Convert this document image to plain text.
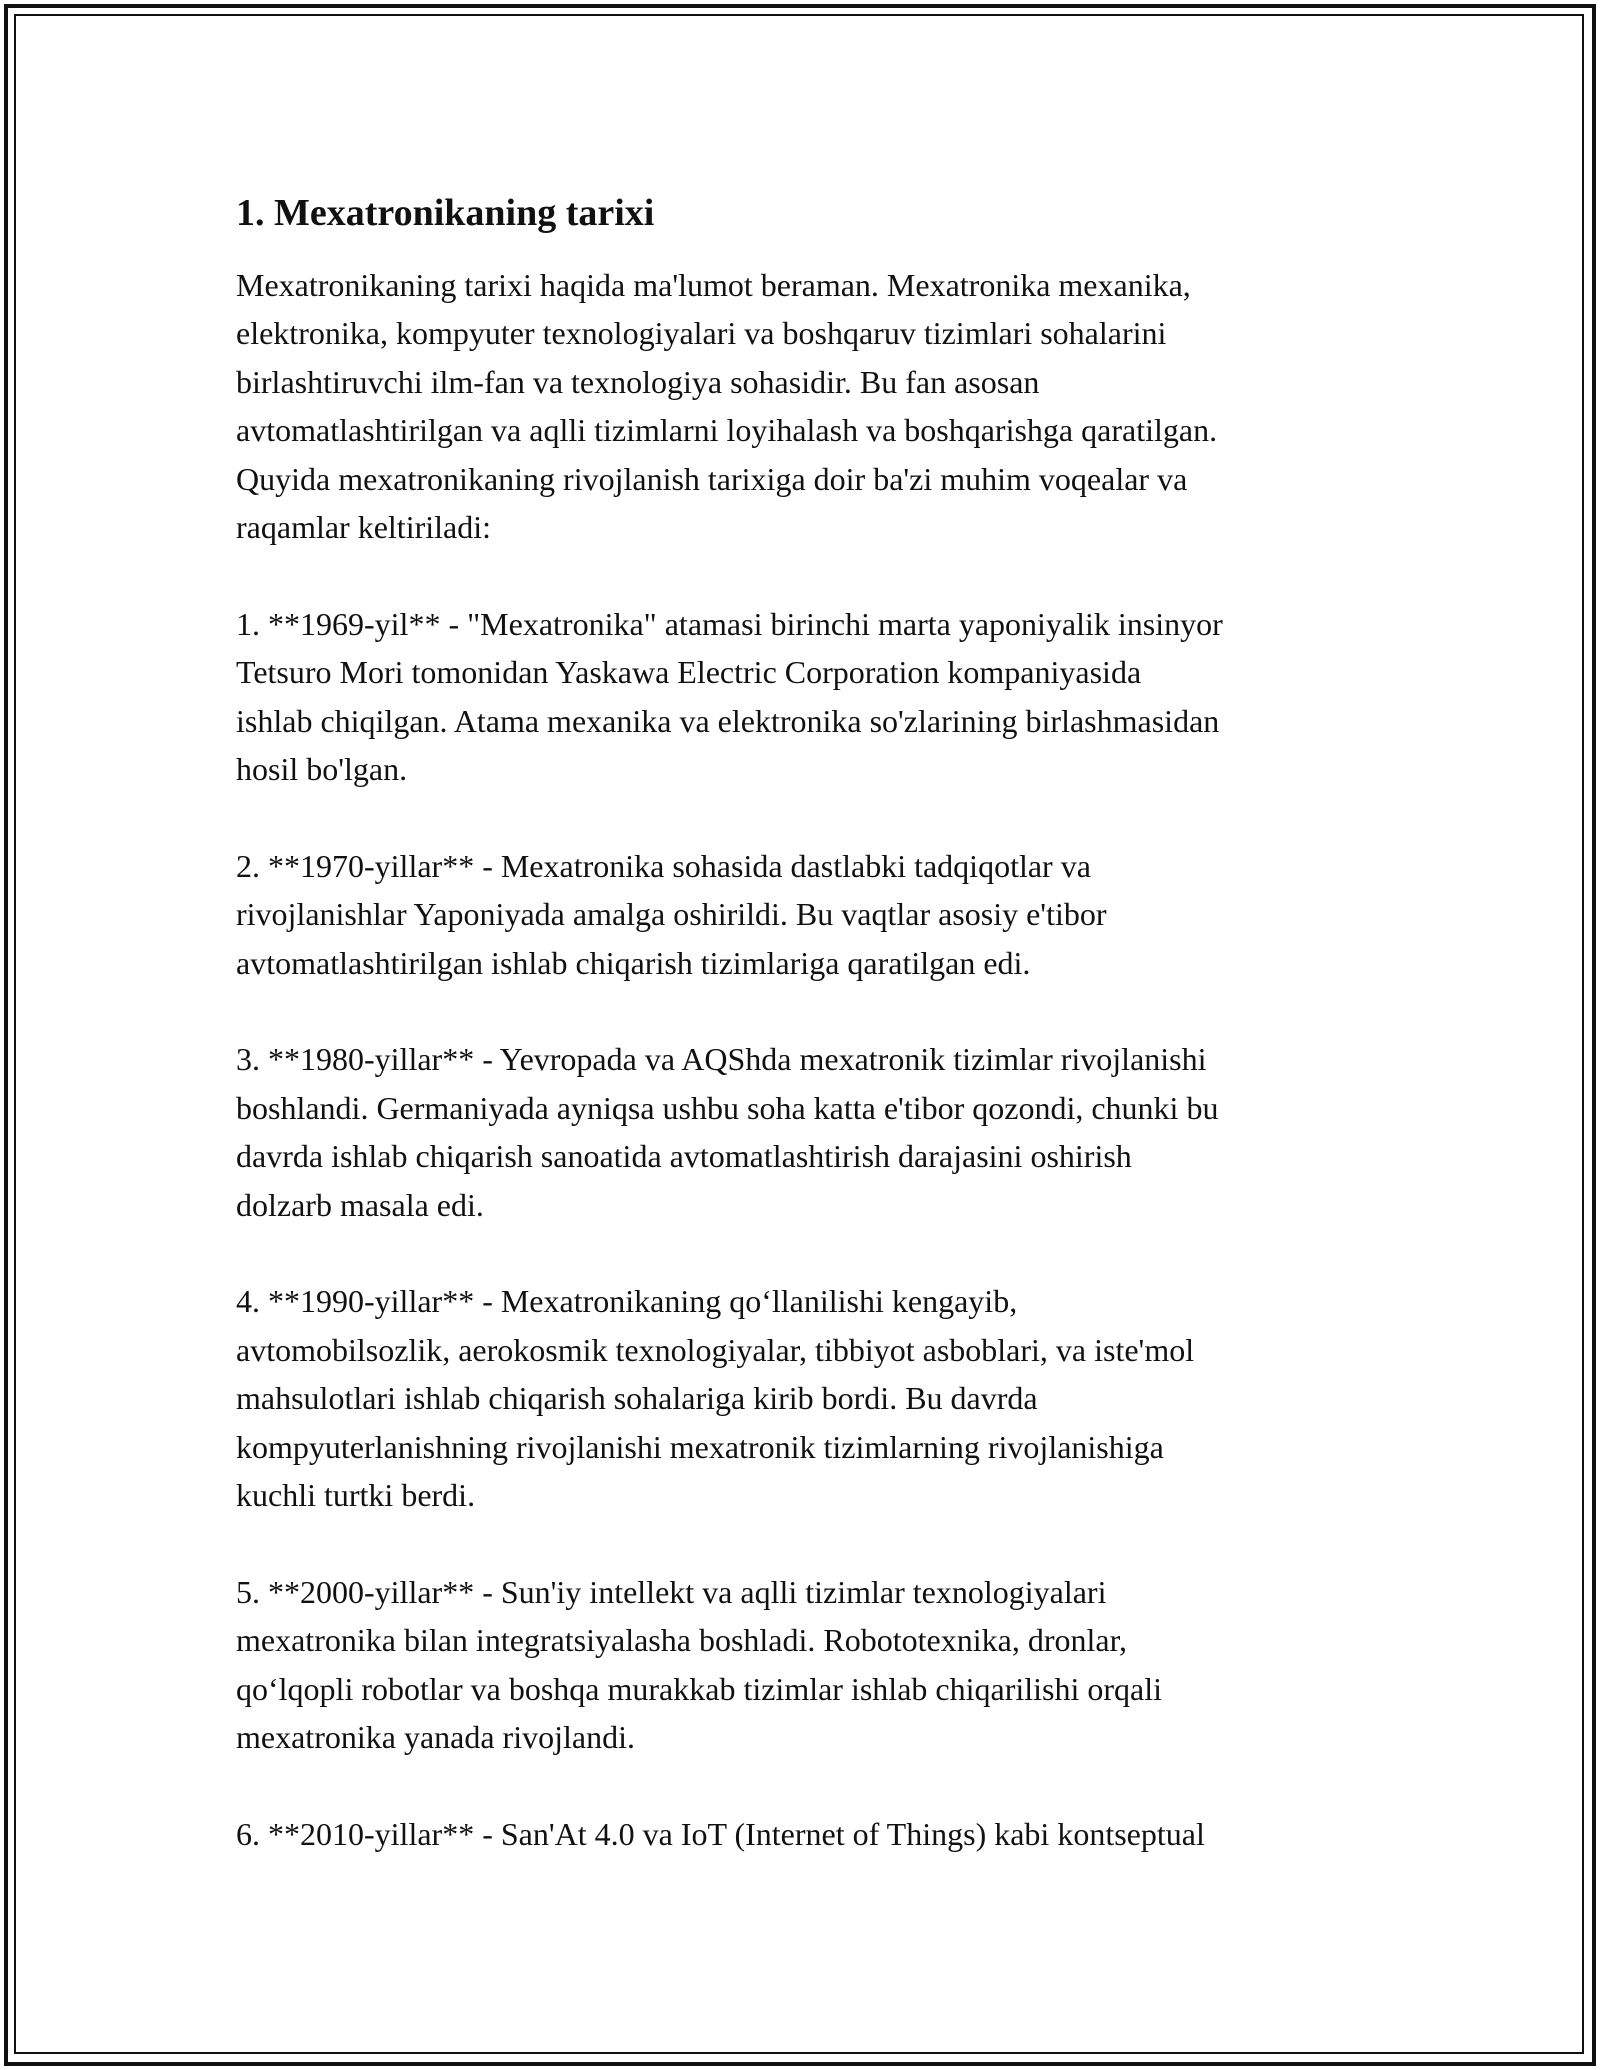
1. Mexatronikaning tarixi

Mexatronikaning tarixi haqida ma'lumot beraman. Mexatronika mexanika,
elektronika, kompyuter texnologiyalari va boshqaruv tizimlari sohalarini
birlashtiruvchi ilm-fan va texnologiya sohasidir. Bu fan asosan
avtomatlashtirilgan va aqlli tizimlarni loyihalash va boshqarishga qaratilgan.
Quyida mexatronikaning rivojlanish tarixiga doir ba'zi muhim voqealar va
raqamlar keltiriladi:

1. **1969-yil** - "Mexatronika" atamasi birinchi marta yaponiyalik insinyor
Tetsuro Mori tomonidan Yaskawa Electric Corporation kompaniyasida
ishlab chiqilgan. Atama mexanika va elektronika so'zlarining birlashmasidan
hosil bo'lgan.

2. **1970-yillar** - Mexatronika sohasida dastlabki tadqiqotlar va
rivojlanishlar Yaponiyada amalga oshirildi. Bu vaqtlar asosiy e'tibor
avtomatlashtirilgan ishlab chiqarish tizimlariga qaratilgan edi.

3. **1980-yillar** - Yevropada va AQShda mexatronik tizimlar rivojlanishi
boshlandi. Germaniyada ayniqsa ushbu soha katta e'tibor qozondi, chunki bu
davrda ishlab chiqarish sanoatida avtomatlashtirish darajasini oshirish
dolzarb masala edi.

4. **1990-yillar** - Mexatronikaning qo‘llanilishi kengayib,
avtomobilsozlik, aerokosmik texnologiyalar, tibbiyot asboblari, va iste'mol
mahsulotlari ishlab chiqarish sohalariga kirib bordi. Bu davrda
kompyuterlanishning rivojlanishi mexatronik tizimlarning rivojlanishiga
kuchli turtki berdi.

5. **2000-yillar** - Sun'iy intellekt va aqlli tizimlar texnologiyalari
mexatronika bilan integratsiyalasha boshladi. Robototexnika, dronlar,
qo‘lqopli robotlar va boshqa murakkab tizimlar ishlab chiqarilishi orqali
mexatronika yanada rivojlandi.

6. **2010-yillar** - San'At 4.0 va IoT (Internet of Things) kabi kontseptual
